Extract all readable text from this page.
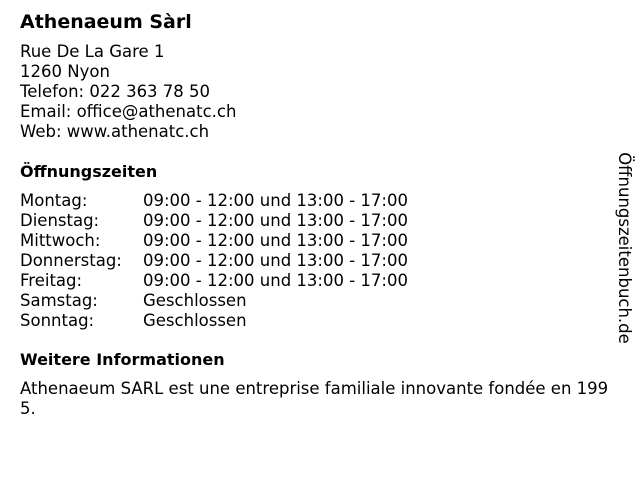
Athenaeum Sàrl
Rue De La Gare 1
1260 Nyon
Telefon: 022 363 78 50
Email: office@athenatc.ch
Web: www.athenatc.ch
Öffnungszeiten
Montag:	09:00 - 12:00 und 13:00 - 17:00
Dienstag:	09:00 - 12:00 und 13:00 - 17:00
Mittwoch:	09:00 - 12:00 und 13:00 - 17:00
Donnerstag:	09:00 - 12:00 und 13:00 - 17:00
Freitag:	09:00 - 12:00 und 13:00 - 17:00
Samstag:	Geschlossen
Sonntag:	Geschlossen
Weitere Informationen
Athenaeum SARL est une entreprise familiale innovante fondée en 1995.
Öffnungszeitenbuch.de
